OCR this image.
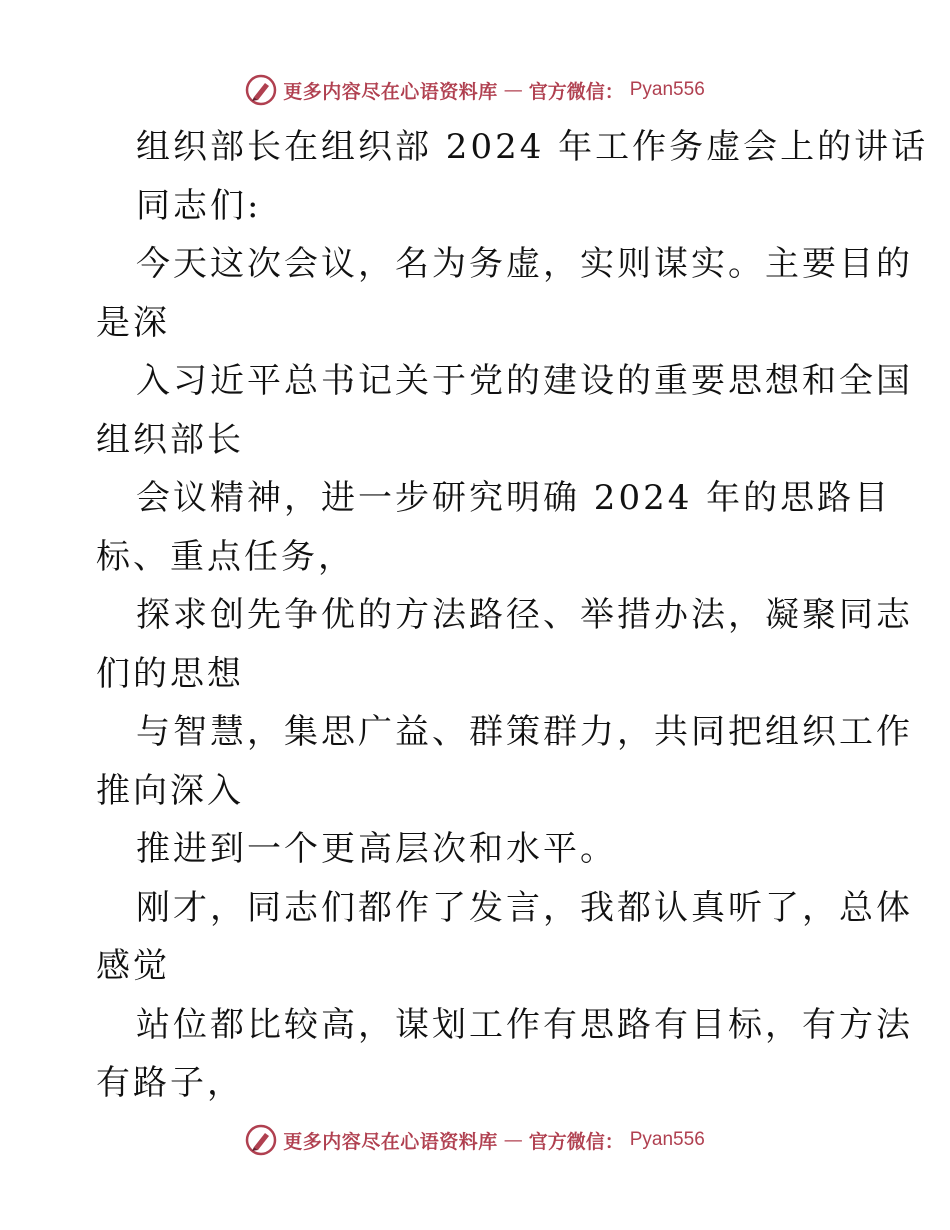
更多内容尽在心语资料库 — 官方微信： Pyan556
组织部长在组织部 2024 年工作务虚会上的讲话
同志们:
今天这次会议，名为务虚，实则谋实。主要目的
是深
入习近平总书记关于党的建设的重要思想和全国
组织部长
会议精神，进一步研究明确 2024 年的思路目
标、重点任务，
探求创先争优的方法路径、举措办法，凝聚同志
们的思想
与智慧，集思广益、群策群力，共同把组织工作
推向深入
推进到一个更高层次和水平。
刚才，同志们都作了发言，我都认真听了，总体
感觉
站位都比较高，谋划工作有思路有目标，有方法
有路子，
更多内容尽在心语资料库 — 官方微信： Pyan556
